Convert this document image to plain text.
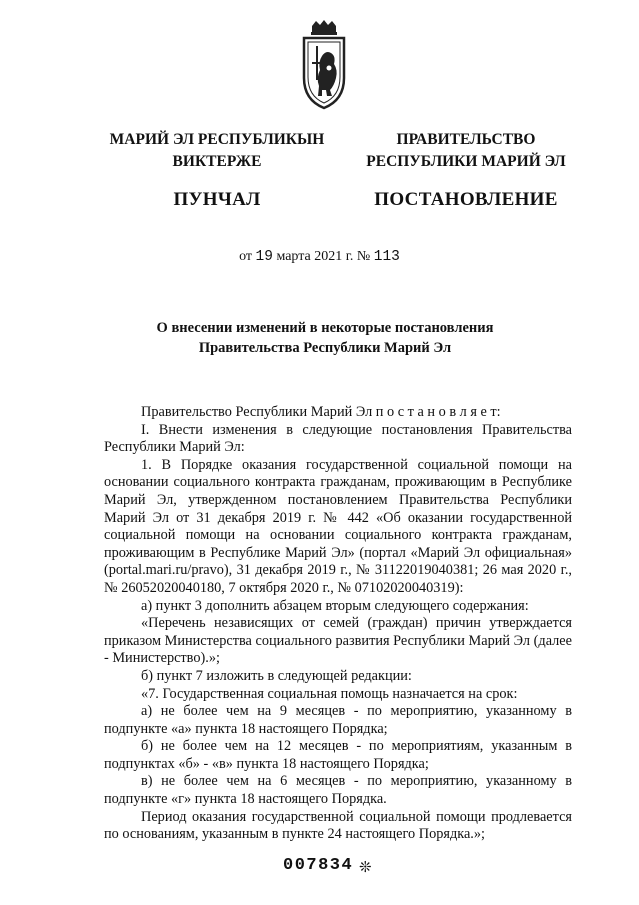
МАРИЙ ЭЛ РЕСПУБЛИКЫН
ВИКТЕРЖЕ
ПУНЧАЛ
ПРАВИТЕЛЬСТВО
РЕСПУБЛИКИ МАРИЙ ЭЛ
ПОСТАНОВЛЕНИЕ
от 19 марта 2021 г. № 113
О внесении изменений в некоторые постановления
Правительства Республики Марий Эл

Правительство Республики Марий Эл п о с т а н о в л я е т:

I. Внести изменения в следующие постановления Правительства Республики Марий Эл:

1. В Порядке оказания государственной социальной помощи на основании социального контракта гражданам, проживающим в Республике Марий Эл, утвержденном постановлением Правительства Республики Марий Эл от 31 декабря 2019 г. № 442 «Об оказании государственной социальной помощи на основании социального контракта гражданам, проживающим в Республике Марий Эл» (портал «Марий Эл официальная» (portal.mari.ru/pravo), 31 декабря 2019 г., № 31122019040381; 26 мая 2020 г., № 26052020040180, 7 октября 2020 г., № 07102020040319):

а) пункт 3 дополнить абзацем вторым следующего содержания:

«Перечень независящих от семей (граждан) причин утверждается приказом Министерства социального развития Республики Марий Эл (далее - Министерство).»;

б) пункт 7 изложить в следующей редакции:

«7. Государственная социальная помощь назначается на срок:

а) не более чем на 9 месяцев - по мероприятию, указанному в подпункте «а» пункта 18 настоящего Порядка;

б) не более чем на 12 месяцев - по мероприятиям, указанным в подпунктах «б» - «в» пункта 18 настоящего Порядка;

в) не более чем на 6 месяцев - по мероприятию, указанному в подпункте «г» пункта 18 настоящего Порядка.

Период оказания государственной социальной помощи продлевается по основаниям, указанным в пункте 24 настоящего Порядка.»;

007834 ❊
